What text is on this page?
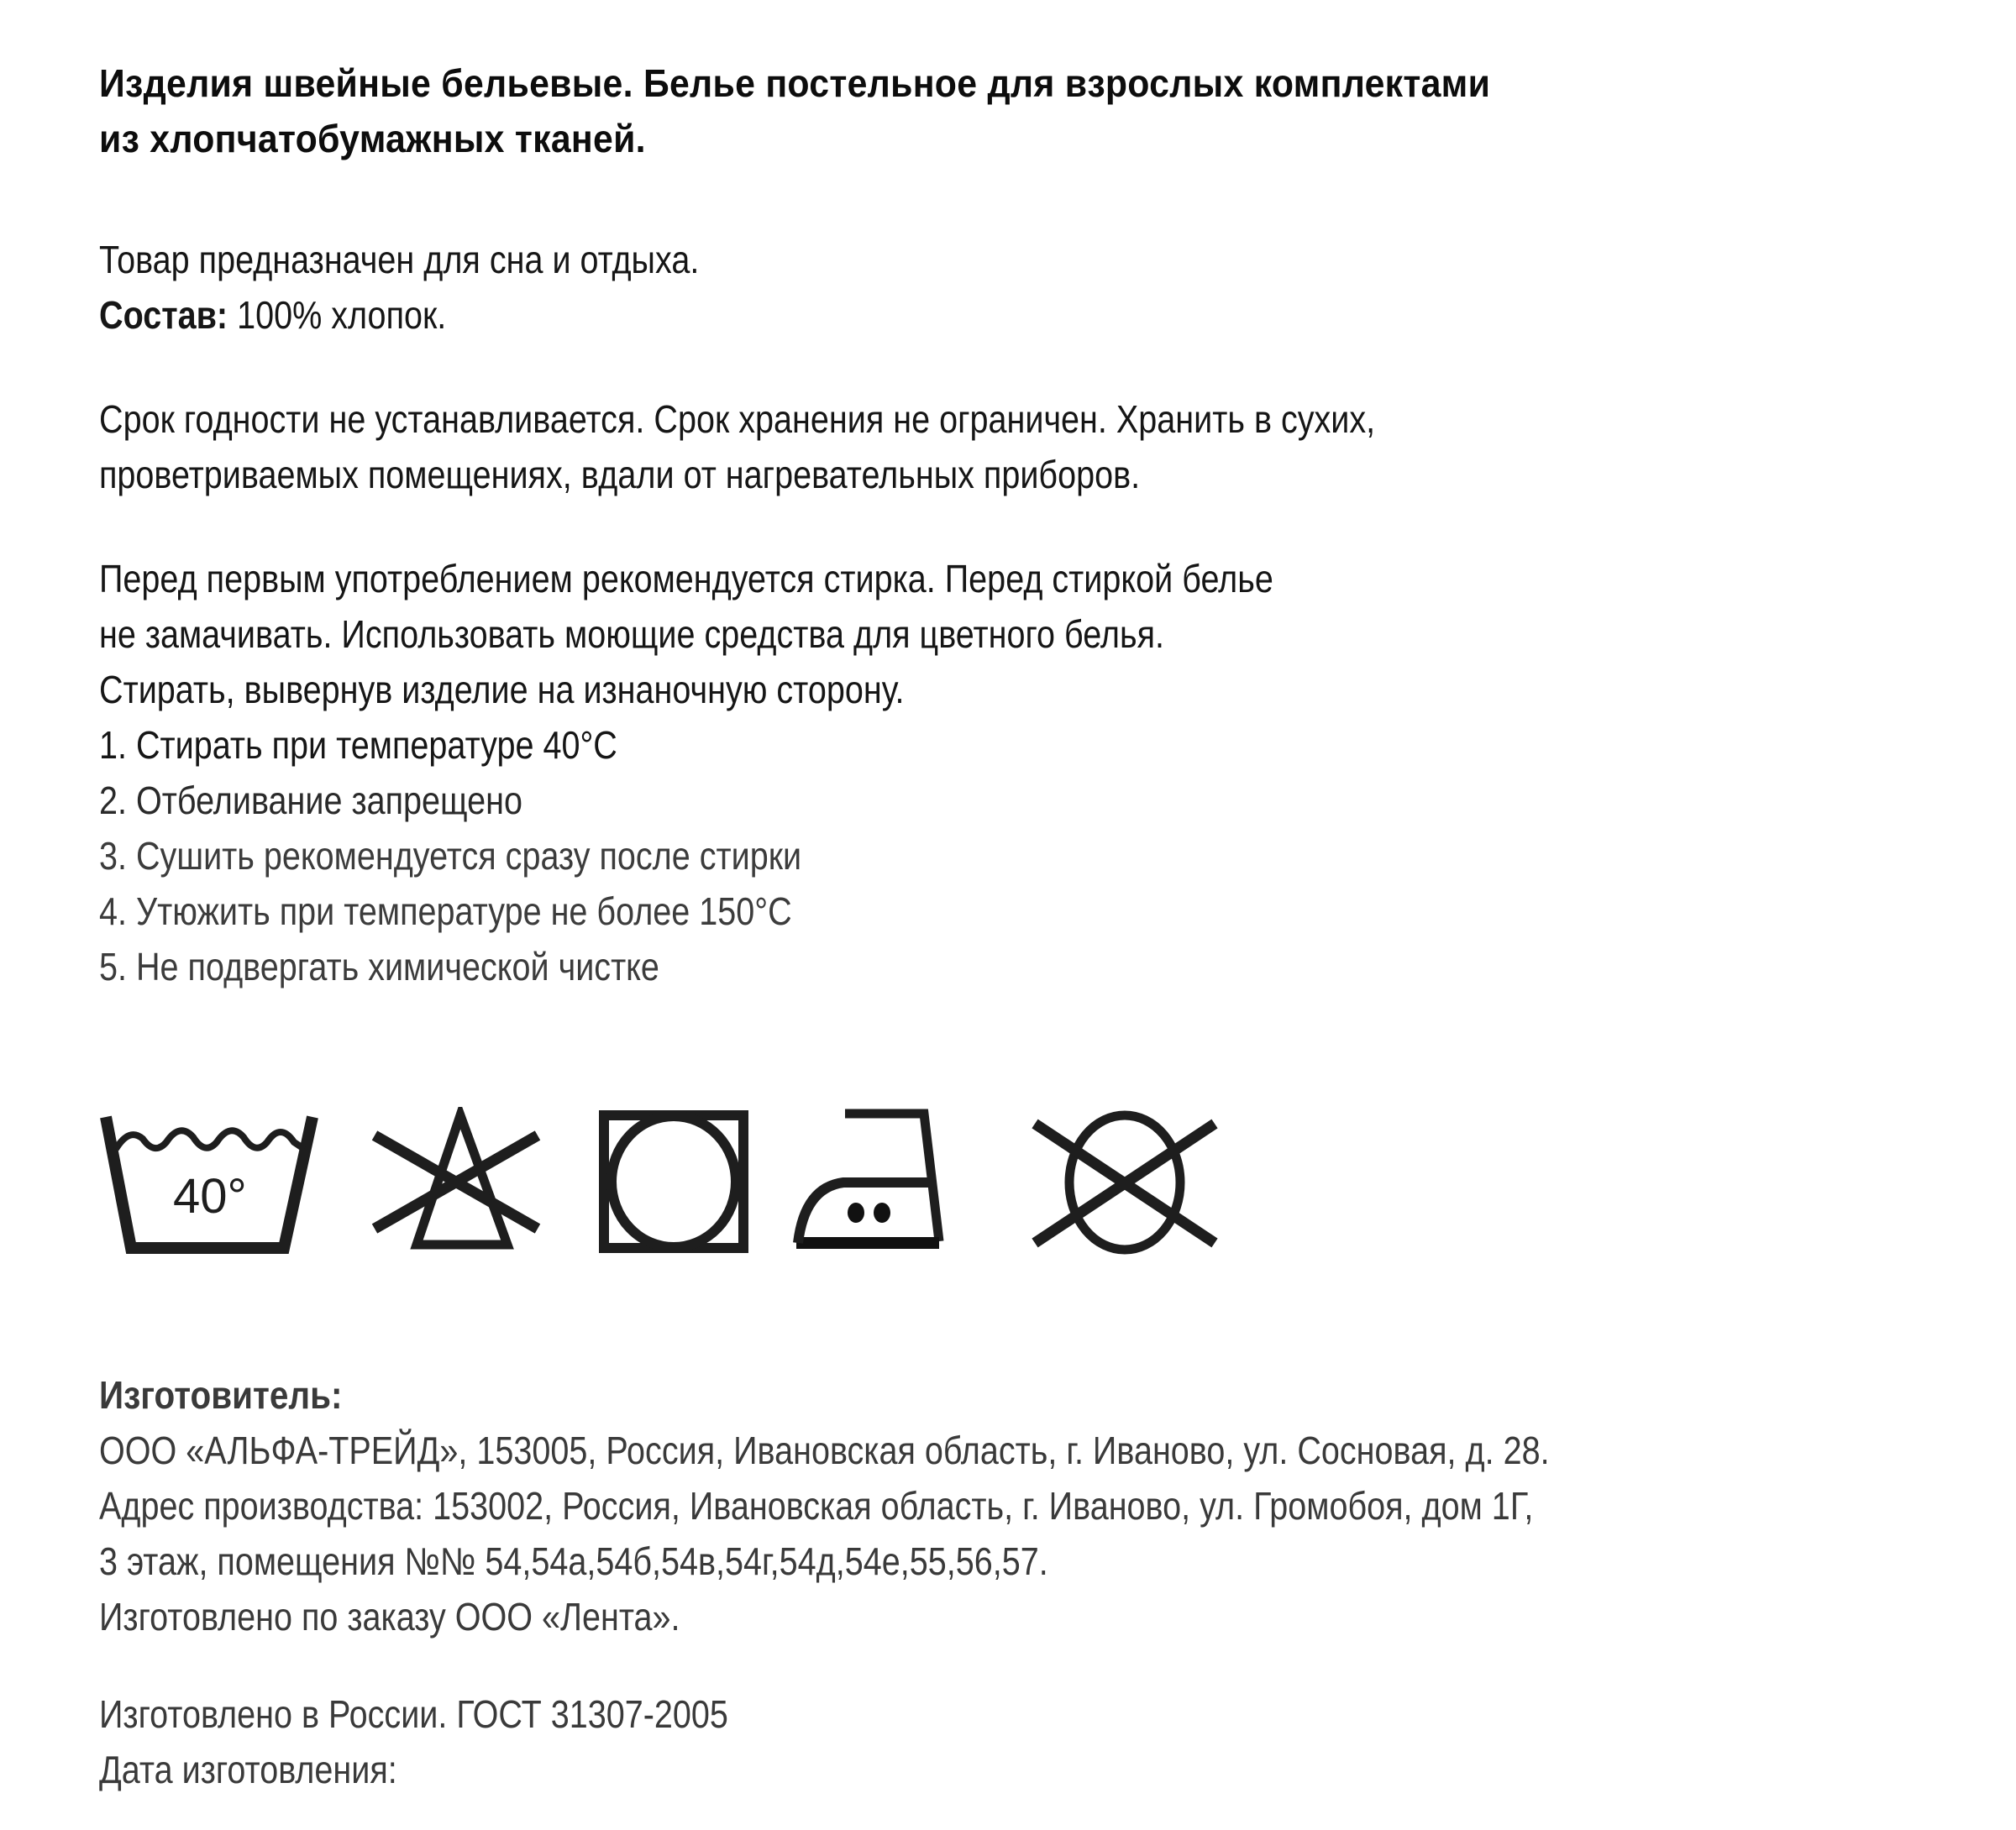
Изделия швейные бельевые. Белье постельное для взрослых комплектами
из хлопчатобумажных тканей.
Товар предназначен для сна и отдыха.
Состав: 100% хлопок.
Срок годности не устанавливается. Срок хранения не ограничен. Хранить в сухих,
проветриваемых помещениях, вдали от нагревательных приборов.
Перед первым употреблением рекомендуется стирка. Перед стиркой белье
не замачивать. Использовать моющие средства для цветного белья.
Стирать, вывернув изделие на изнаночную сторону.
1. Стирать при температуре 40°С
2. Отбеливание запрещено
3. Сушить рекомендуется сразу после стирки
4. Утюжить при температуре не более 150°С
5. Не подвергать химической чистке
40°
Изготовитель:
ООО «АЛЬФА-ТРЕЙД», 153005, Россия, Ивановская область, г. Иваново, ул. Сосновая, д. 28.
Адрес производства: 153002, Россия, Ивановская область, г. Иваново, ул. Громобоя, дом 1Г,
3 этаж, помещения №№ 54,54а,54б,54в,54г,54д,54е,55,56,57.
Изготовлено по заказу ООО «Лента».
Изготовлено в России. ГОСТ 31307-2005
Дата изготовления:
